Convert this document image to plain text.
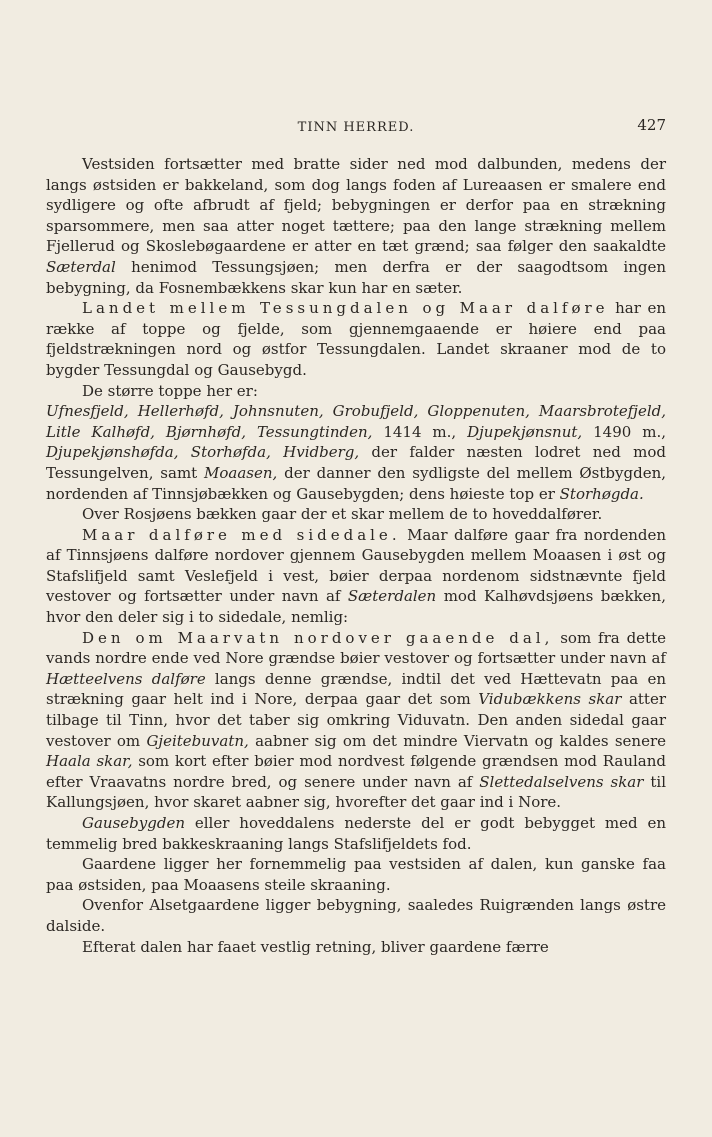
TINN HERRED.	427

Vestsiden fortsætter med bratte sider ned mod dalbunden, medens der langs østsiden er bakkeland, som dog langs foden af Lureaasen er smalere end sydligere og ofte afbrudt af fjeld; bebygningen er derfor paa en strækning sparsommere, men saa atter noget tættere; paa den lange strækning mellem Fjellerud og Skoslebøgaardene er atter en tæt grænd; saa følger den saakaldte Sæterdal henimod Tessungsjøen; men derfra er der saagodtsom ingen bebygning, da Fosnembækkens skar kun har en sæter.

Landet mellem Tessungdalen og Maar dalføre har en række af toppe og fjelde, som gjennemgaaende er høiere end paa fjeldstrækningen nord og østfor Tessungdalen. Landet skraaner mod de to bygder Tessungdal og Gausebygd.

De større toppe her er:

Ufnesfjeld, Hellerhøfd, Johnsnuten, Grobufjeld, Gloppenuten, Maarsbrotefjeld, Litle Kalhøfd, Bjørnhøfd, Tessungtinden, 1414 m., Djupekjønsnut, 1490 m., Djupekjønshøfda, Storhøfda, Hvidberg, der falder næsten lodret ned mod Tessungelven, samt Moaasen, der danner den sydligste del mellem Østbygden, nordenden af Tinnsjøbækken og Gausebygden; dens høieste top er Storhøgda.

Over Rosjøens bækken gaar der et skar mellem de to hoveddalfører.

Maar dalføre med sidedale. Maar dalføre gaar fra nordenden af Tinnsjøens dalføre nordover gjennem Gausebygden mellem Moaasen i øst og Stafslifjeld samt Veslefjeld i vest, bøier derpaa nordenom sidstnævnte fjeld vestover og fortsætter under navn af Sæterdalen mod Kalhøvdsjøens bækken, hvor den deler sig i to sidedale, nemlig:

Den om Maarvatn nordover gaaende dal, som fra dette vands nordre ende ved Nore grændse bøier vestover og fortsætter under navn af Hætteelvens dalføre langs denne grændse, indtil det ved Hættevatn paa en strækning gaar helt ind i Nore, derpaa gaar det som Vidubækkens skar atter tilbage til Tinn, hvor det taber sig omkring Viduvatn. Den anden sidedal gaar vestover om Gjeitebuvatn, aabner sig om det mindre Viervatn og kaldes senere Haala skar, som kort efter bøier mod nordvest følgende grændsen mod Rauland efter Vraavatns nordre bred, og senere under navn af Slettedalselvens skar til Kallungsjøen, hvor skaret aabner sig, hvorefter det gaar ind i Nore.

Gausebygden eller hoveddalens nederste del er godt bebygget med en temmelig bred bakkeskraaning langs Stafslifjeldets fod.

Gaardene ligger her fornemmelig paa vestsiden af dalen, kun ganske faa paa østsiden, paa Moaasens steile skraaning.

Ovenfor Alsetgaardene ligger bebygning, saaledes Ruigrænden langs østre dalside.

Efterat dalen har faaet vestlig retning, bliver gaardene færre
